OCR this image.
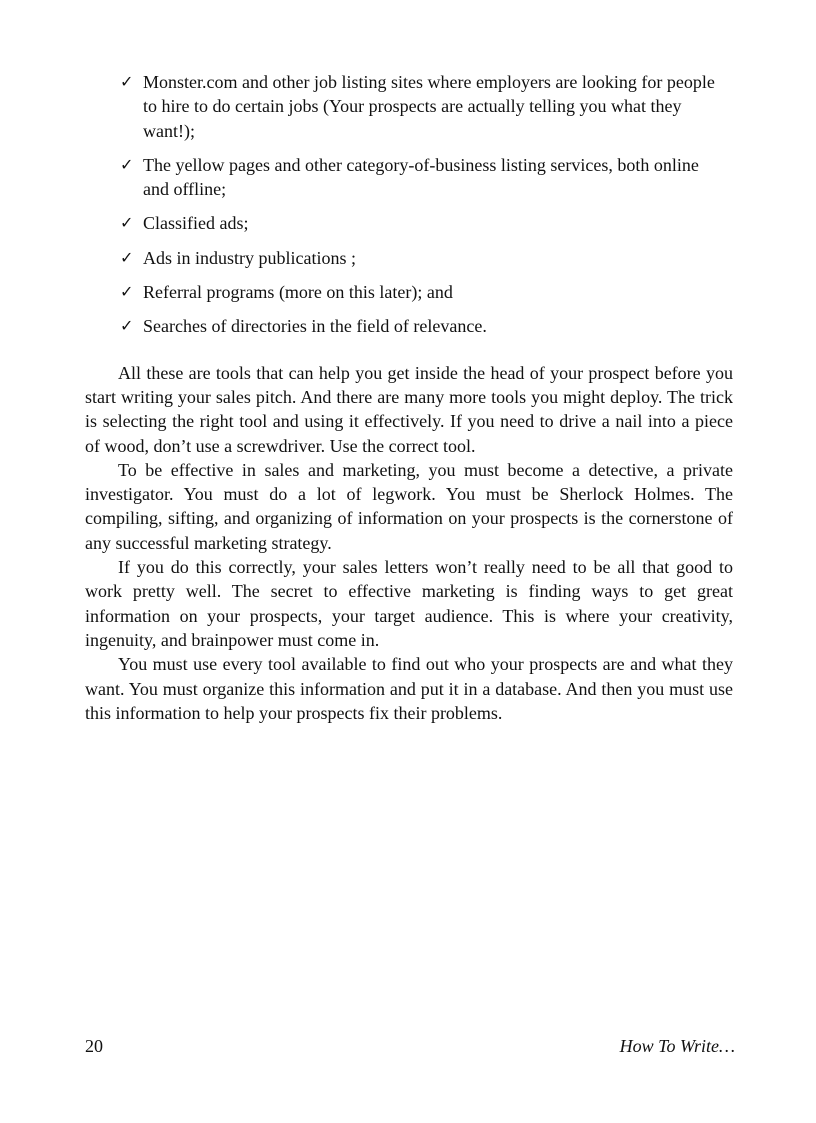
✓ Monster.com and other job listing sites where employers are looking for people to hire to do certain jobs (Your prospects are actually telling you what they want!);
✓ The yellow pages and other category-of-business listing services, both online and offline;
✓ Classified ads;
✓ Ads in industry publications ;
✓ Referral programs (more on this later); and
✓ Searches of directories in the field of relevance.

All these are tools that can help you get inside the head of your prospect before you start writing your sales pitch. And there are many more tools you might deploy. The trick is selecting the right tool and using it effectively. If you need to drive a nail into a piece of wood, don’t use a screwdriver. Use the correct tool.

To be effective in sales and marketing, you must become a detective, a private investigator. You must do a lot of legwork. You must be Sherlock Holmes. The compiling, sifting, and organizing of information on your prospects is the cornerstone of any successful marketing strategy.

If you do this correctly, your sales letters won’t really need to be all that good to work pretty well. The secret to effective marketing is finding ways to get great information on your prospects, your target audience. This is where your creativity, ingenuity, and brainpower must come in.

You must use every tool available to find out who your prospects are and what they want. You must organize this information and put it in a database. And then you must use this information to help your prospects fix their problems.

20	How To Write…
